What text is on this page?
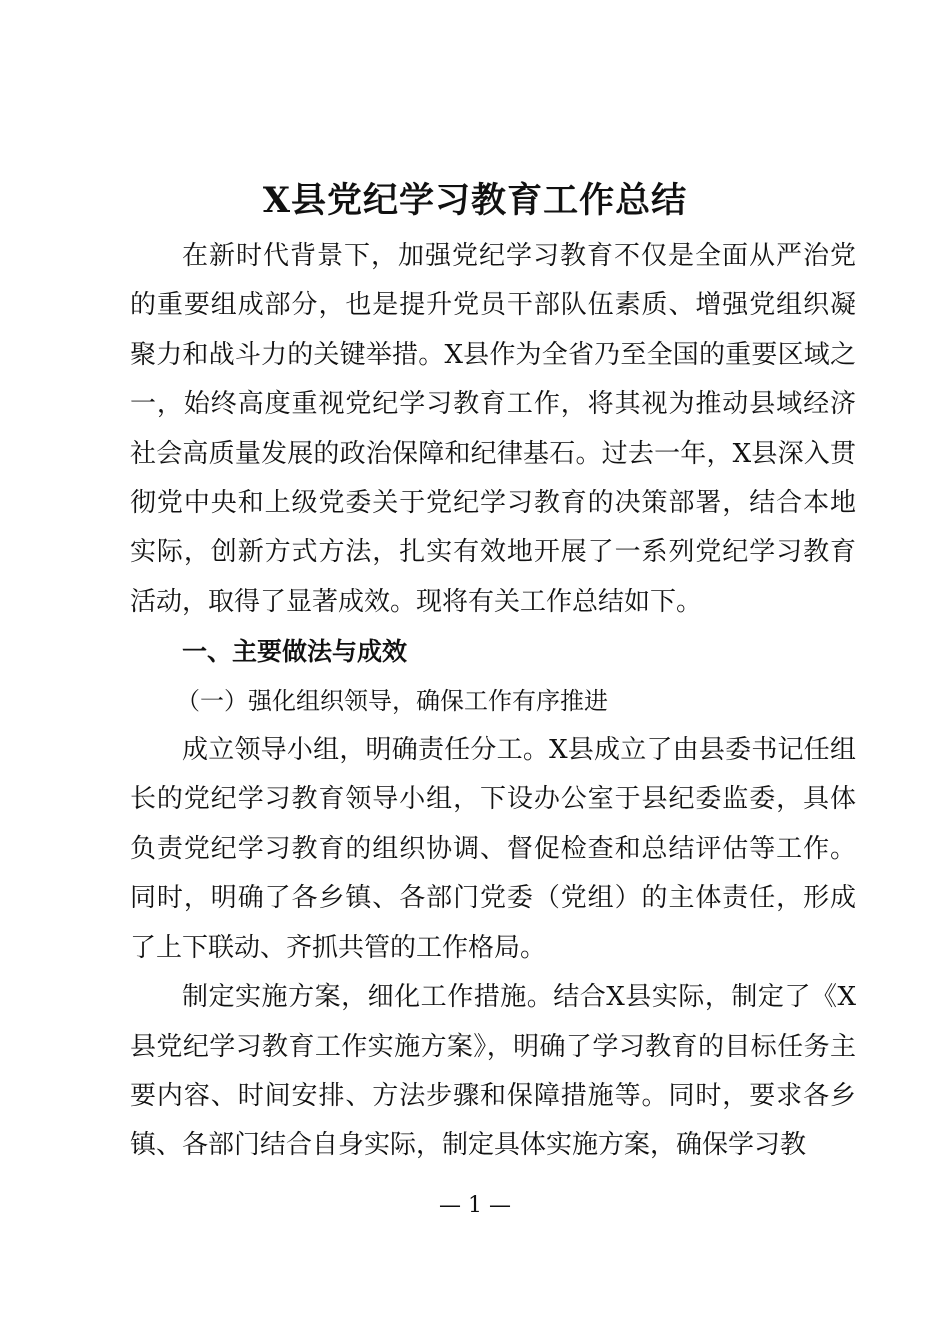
X县党纪学习教育工作总结

在新时代背景下，加强党纪学习教育不仅是全面从严治党的重要组成部分，也是提升党员干部队伍素质、增强党组织凝聚力和战斗力的关键举措。X县作为全省乃至全国的重要区域之一，始终高度重视党纪学习教育工作，将其视为推动县域经济社会高质量发展的政治保障和纪律基石。过去一年，X县深入贯彻党中央和上级党委关于党纪学习教育的决策部署，结合本地实际，创新方式方法，扎实有效地开展了一系列党纪学习教育活动，取得了显著成效。现将有关工作总结如下。

一、主要做法与成效

（一）强化组织领导，确保工作有序推进

成立领导小组，明确责任分工。X县成立了由县委书记任组长的党纪学习教育领导小组，下设办公室于县纪委监委，具体负责党纪学习教育的组织协调、督促检查和总结评估等工作。同时，明确了各乡镇、各部门党委（党组）的主体责任，形成了上下联动、齐抓共管的工作格局。

制定实施方案，细化工作措施。结合X县实际，制定了《X县党纪学习教育工作实施方案》，明确了学习教育的目标任务主要内容、时间安排、方法步骤和保障措施等。同时，要求各乡镇、各部门结合自身实际，制定具体实施方案，确保学习教

— 1 —
